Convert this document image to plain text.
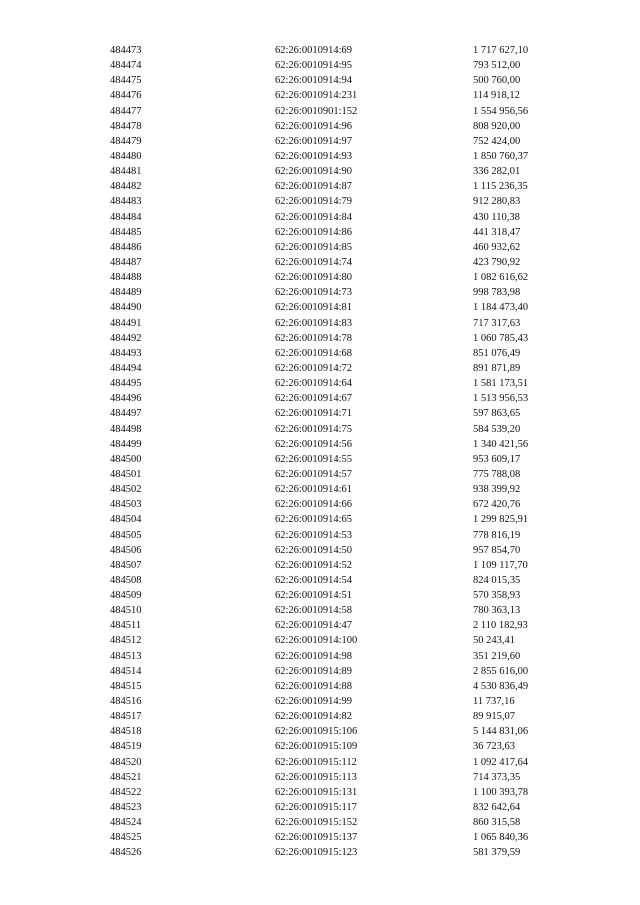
484473	62:26:0010914:69	1 717 627,10
484474	62:26:0010914:95	793 512,00
484475	62:26:0010914:94	500 760,00
484476	62:26:0010914:231	114 918,12
484477	62:26:0010901:152	1 554 956,56
484478	62:26:0010914:96	808 920,00
484479	62:26:0010914:97	752 424,00
484480	62:26:0010914:93	1 850 760,37
484481	62:26:0010914:90	336 282,01
484482	62:26:0010914:87	1 115 236,35
484483	62:26:0010914:79	912 280,83
484484	62:26:0010914:84	430 110,38
484485	62:26:0010914:86	441 318,47
484486	62:26:0010914:85	460 932,62
484487	62:26:0010914:74	423 790,92
484488	62:26:0010914:80	1 082 616,62
484489	62:26:0010914:73	998 783,98
484490	62:26:0010914:81	1 184 473,40
484491	62:26:0010914:83	717 317,63
484492	62:26:0010914:78	1 060 785,43
484493	62:26:0010914:68	851 076,49
484494	62:26:0010914:72	891 871,89
484495	62:26:0010914:64	1 581 173,51
484496	62:26:0010914:67	1 513 956,53
484497	62:26:0010914:71	597 863,65
484498	62:26:0010914:75	584 539,20
484499	62:26:0010914:56	1 340 421,56
484500	62:26:0010914:55	953 609,17
484501	62:26:0010914:57	775 788,08
484502	62:26:0010914:61	938 399,92
484503	62:26:0010914:66	672 420,76
484504	62:26:0010914:65	1 299 825,91
484505	62:26:0010914:53	778 816,19
484506	62:26:0010914:50	957 854,70
484507	62:26:0010914:52	1 109 117,70
484508	62:26:0010914:54	824 015,35
484509	62:26:0010914:51	570 358,93
484510	62:26:0010914:58	780 363,13
484511	62:26:0010914:47	2 110 182,93
484512	62:26:0010914:100	50 243,41
484513	62:26:0010914:98	351 219,60
484514	62:26:0010914:89	2 855 616,00
484515	62:26:0010914:88	4 530 836,49
484516	62:26:0010914:99	11 737,16
484517	62:26:0010914:82	89 915,07
484518	62:26:0010915:106	5 144 831,06
484519	62:26:0010915:109	36 723,63
484520	62:26:0010915:112	1 092 417,64
484521	62:26:0010915:113	714 373,35
484522	62:26:0010915:131	1 100 393,78
484523	62:26:0010915:117	832 642,64
484524	62:26:0010915:152	860 315,58
484525	62:26:0010915:137	1 065 840,36
484526	62:26:0010915:123	581 379,59
